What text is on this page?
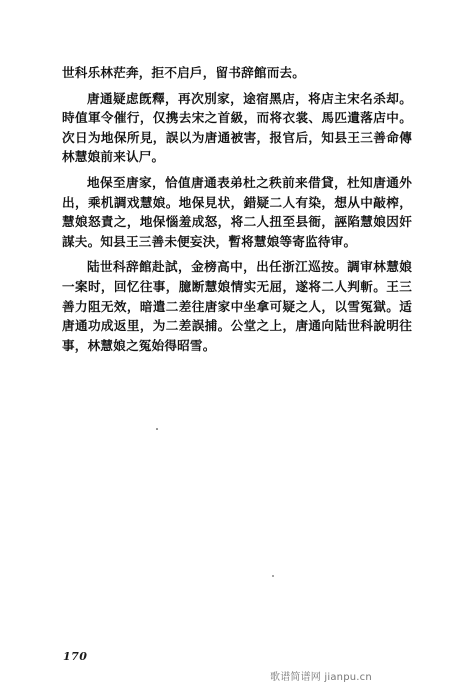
世科乐林茫奔，拒不启戶，留书辞館而去。

唐通疑虑旣釋，再次別家，途宿黑店，将店主宋名杀却。時值軍令催行，仅携去宋之首級，而将衣裳、馬匹遺落店中。次日为地保所見，誤以为唐通被害，报官后，知县王三善命傳林慧娘前来认尸。

地保至唐家，恰值唐通表弟杜之秩前来借貸，杜知唐通外出，乘机調戏慧娘。地保見状，錯疑二人有染，想从中敲榨，慧娘怒責之，地保惱羞成怒，将二人扭至县衙，誣陷慧娘因奸謀夫。知县王三善未便妄決，暫将慧娘等寄监待审。

陆世科辞館赴試，金榜高中，出任浙江巡按。調审林慧娘一案时，回忆往事，臆断慧娘情实无屈，遂将二人判斬。王三善力阻无效，暗遣二差往唐家中坐拿可疑之人，以雪冤獄。适唐通功成返里，为二差誤捕。公堂之上，唐通向陆世科說明往事，林慧娘之冤始得昭雪。

170
歌谱简谱网 jianpu.cn
